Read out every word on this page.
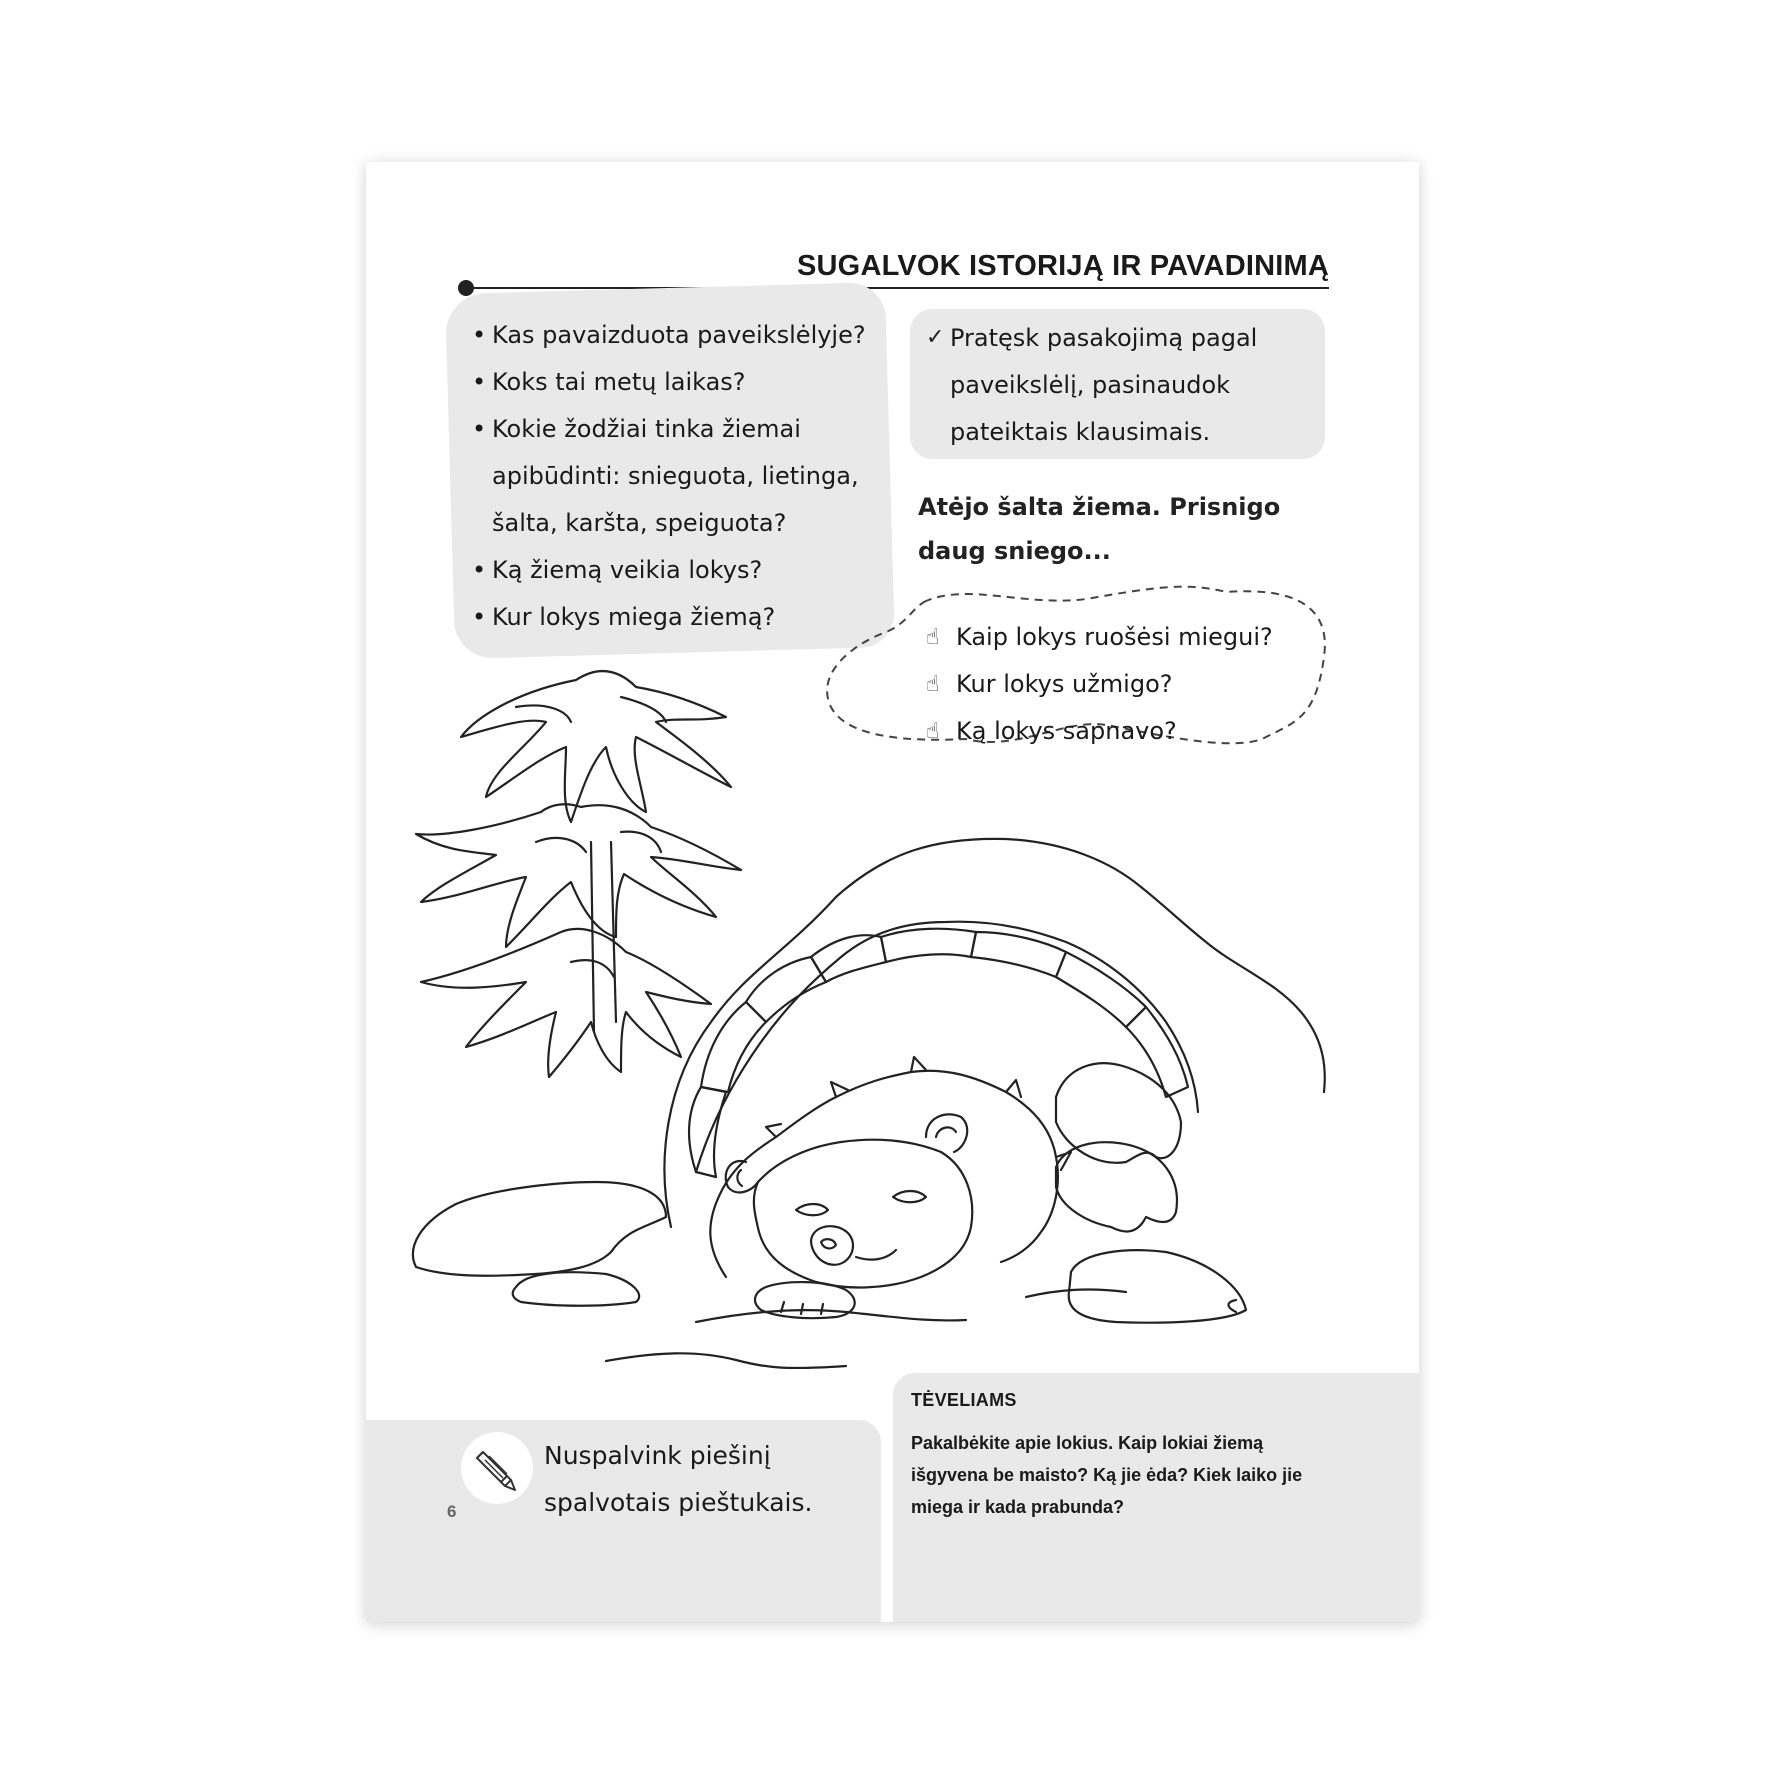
SUGALVOK ISTORIJĄ IR PAVADINIMĄ
• Kas pavaizduota paveikslėlyje?
• Koks tai metų laikas?
• Kokie žodžiai tinka žiemai apibūdinti: snieguota, lietinga, šalta, karšta, speiguota?
• Ką žiemą veikia lokys?
• Kur lokys miega žiemą?
✓ Pratęsk pasakojimą pagal paveikslėlį, pasinaudok pateiktais klausimais.

Atėjo šalta žiema. Prisnigo daug sniego...

☝ Kaip lokys ruošėsi miegui?
☝ Kur lokys užmigo?
☝ Ką lokys sapnavo?

Nuspalvink piešinį spalvotais pieštukais.

6
TĖVELIAMS

Pakalbėkite apie lokius. Kaip lokiai žiemą išgyvena be maisto? Ką jie ėda? Kiek laiko jie miega ir kada prabunda?
